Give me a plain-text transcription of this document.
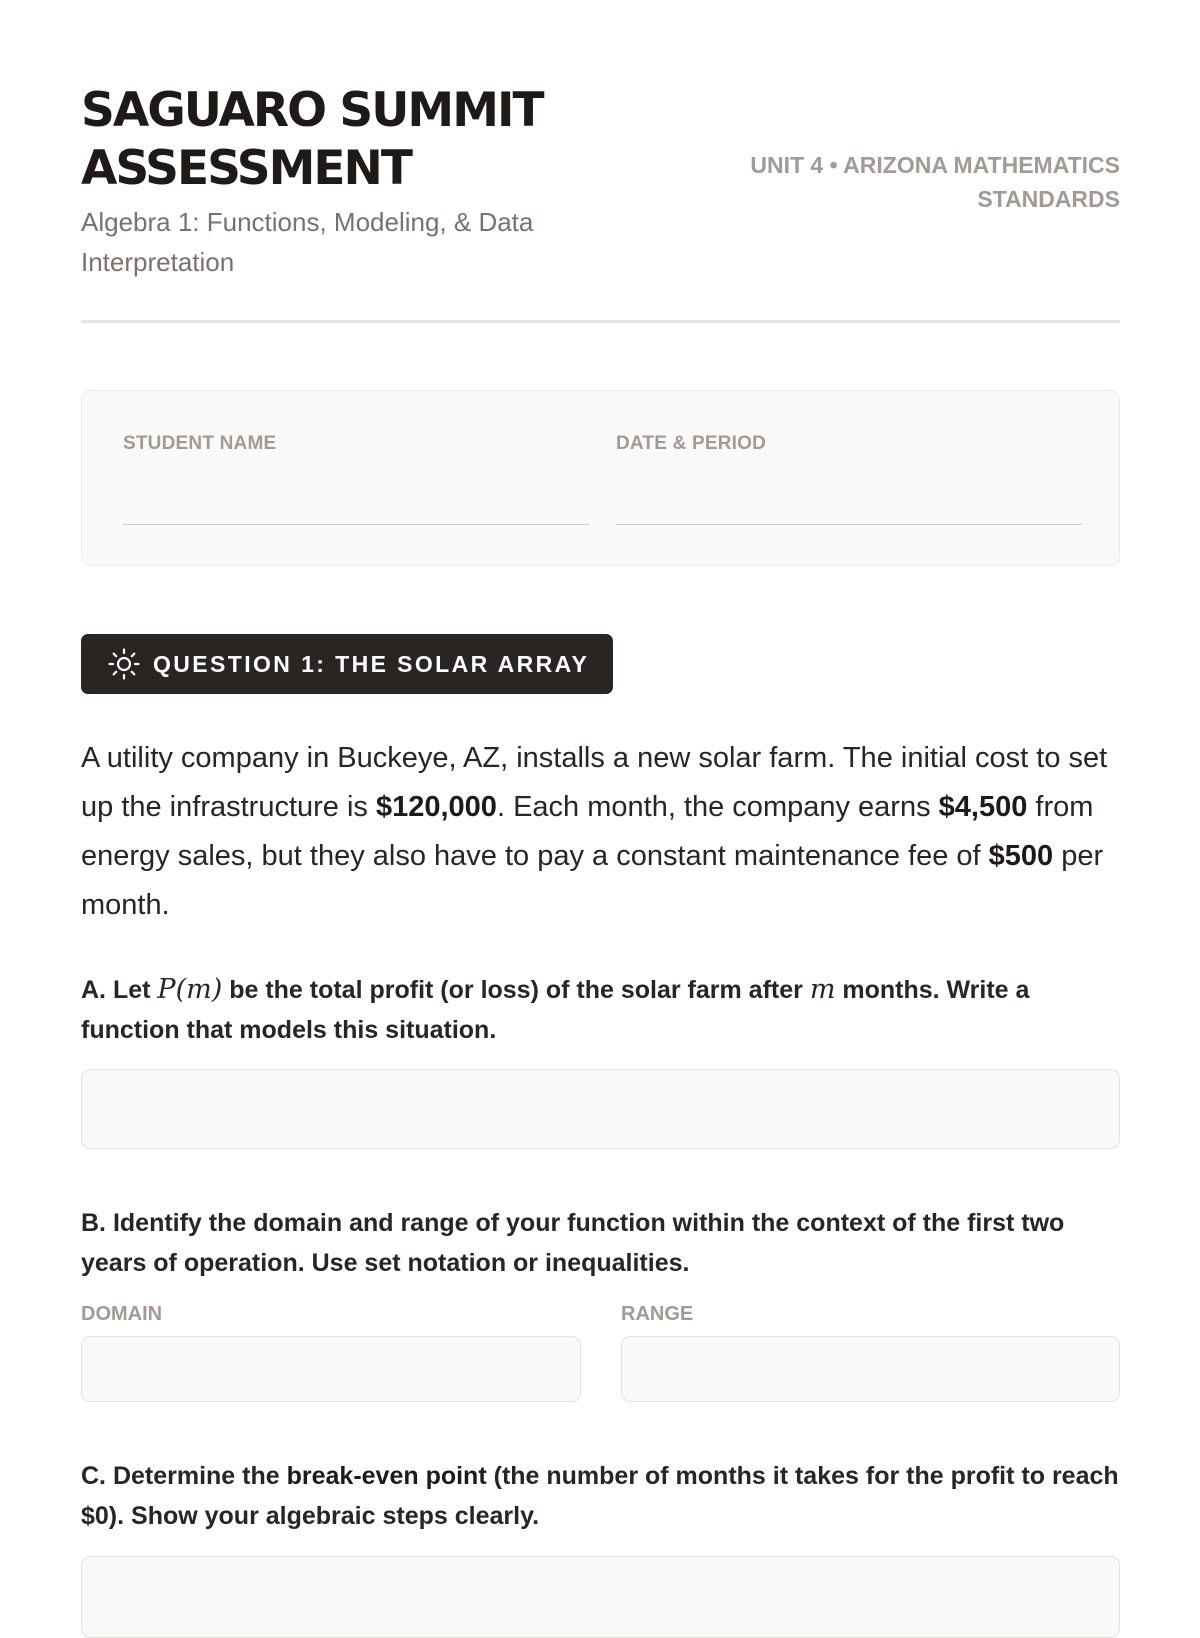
SAGUARO SUMMIT ASSESSMENT
Algebra 1: Functions, Modeling, & Data Interpretation
UNIT 4 • ARIZONA MATHEMATICS STANDARDS
STUDENT NAME	DATE & PERIOD
QUESTION 1: THE SOLAR ARRAY
A utility company in Buckeye, AZ, installs a new solar farm. The initial cost to set up the infrastructure is $120,000. Each month, the company earns $4,500 from energy sales, but they also have to pay a constant maintenance fee of $500 per month.
A. Let P(m) be the total profit (or loss) of the solar farm after m months. Write a function that models this situation.
B. Identify the domain and range of your function within the context of the first two years of operation. Use set notation or inequalities.
DOMAIN	RANGE
C. Determine the break-even point (the number of months it takes for the profit to reach $0). Show your algebraic steps clearly.
